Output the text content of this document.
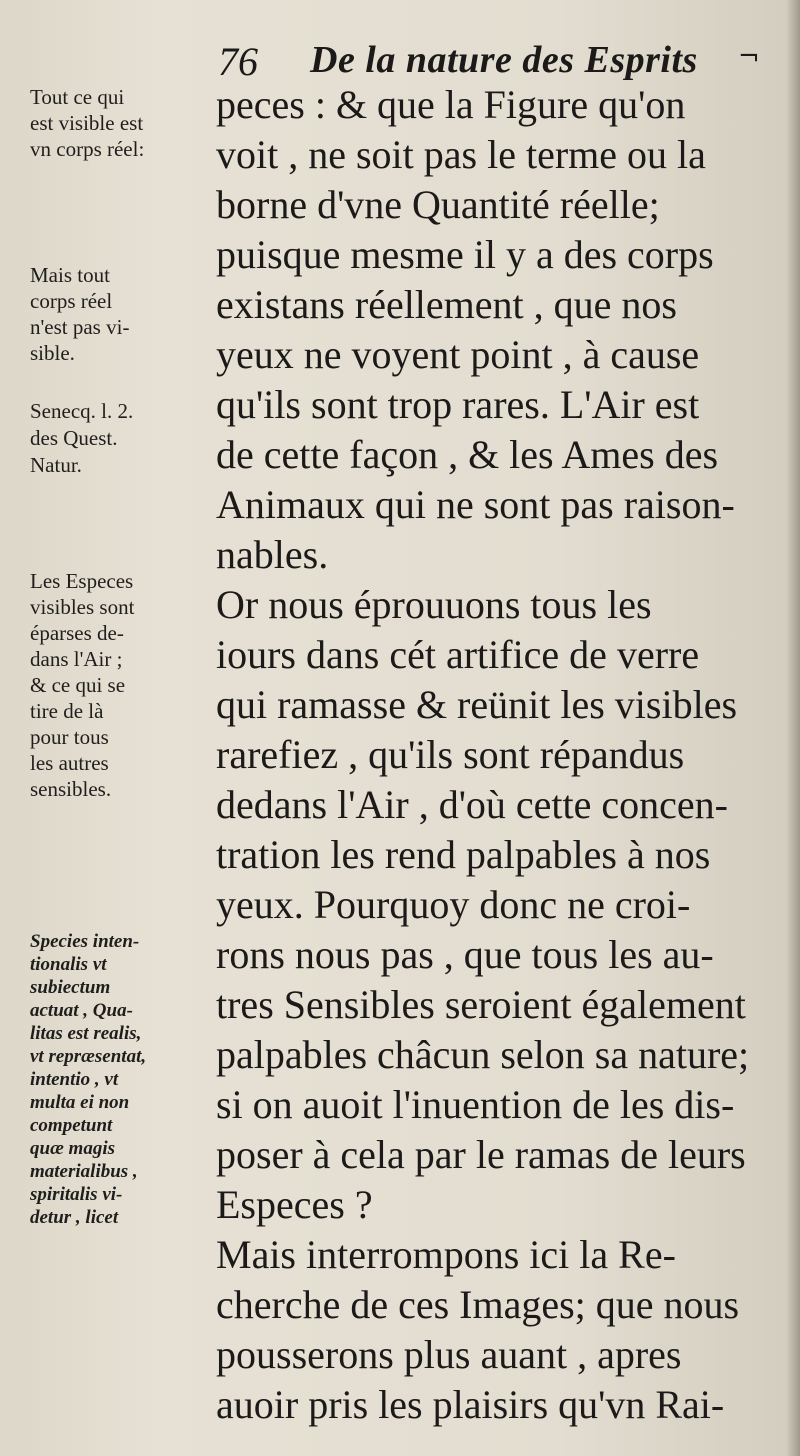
76 De la nature des Esprits ¬
peces : & que la Figure qu'on
voit , ne soit pas le terme ou la
borne d'vne Quantité réelle;
puisque mesme il y a des corps
existans réellement , que nos
yeux ne voyent point , à cause
qu'ils sont trop rares. L'Air est
de cette façon , & les Ames des
Animaux qui ne sont pas raison-
nables.
Or nous éprouuons tous les
iours dans cét artifice de verre
qui ramasse & reünit les visibles
rarefiez , qu'ils sont répandus
dedans l'Air , d'où cette concen-
tration les rend palpables à nos
yeux. Pourquoy donc ne croi-
rons nous pas , que tous les au-
tres Sensibles seroient également
palpables châcun selon sa nature;
si on auoit l'inuention de les dis-
poser à cela par le ramas de leurs
Especes ?
Mais interrompons ici la Re-
cherche de ces Images; que nous
pousserons plus auant , apres
auoir pris les plaisirs qu'vn Rai-
Tout ce qui
est visible est
vn corps réel:
Mais tout
corps réel
n'est pas vi-
sible.
Senecq. l. 2.
des Quest.
Natur.
Les Especes
visibles sont
éparses de-
dans l'Air ;
& ce qui se
tire de là
pour tous
les autres
sensibles.
Species inten-
tionalis vt
subiectum
actuat , Qua-
litas est realis,
vt repræsentat,
intentio , vt
multa ei non
competunt
quæ magis
materialibus ,
spiritalis vi-
detur , licet
